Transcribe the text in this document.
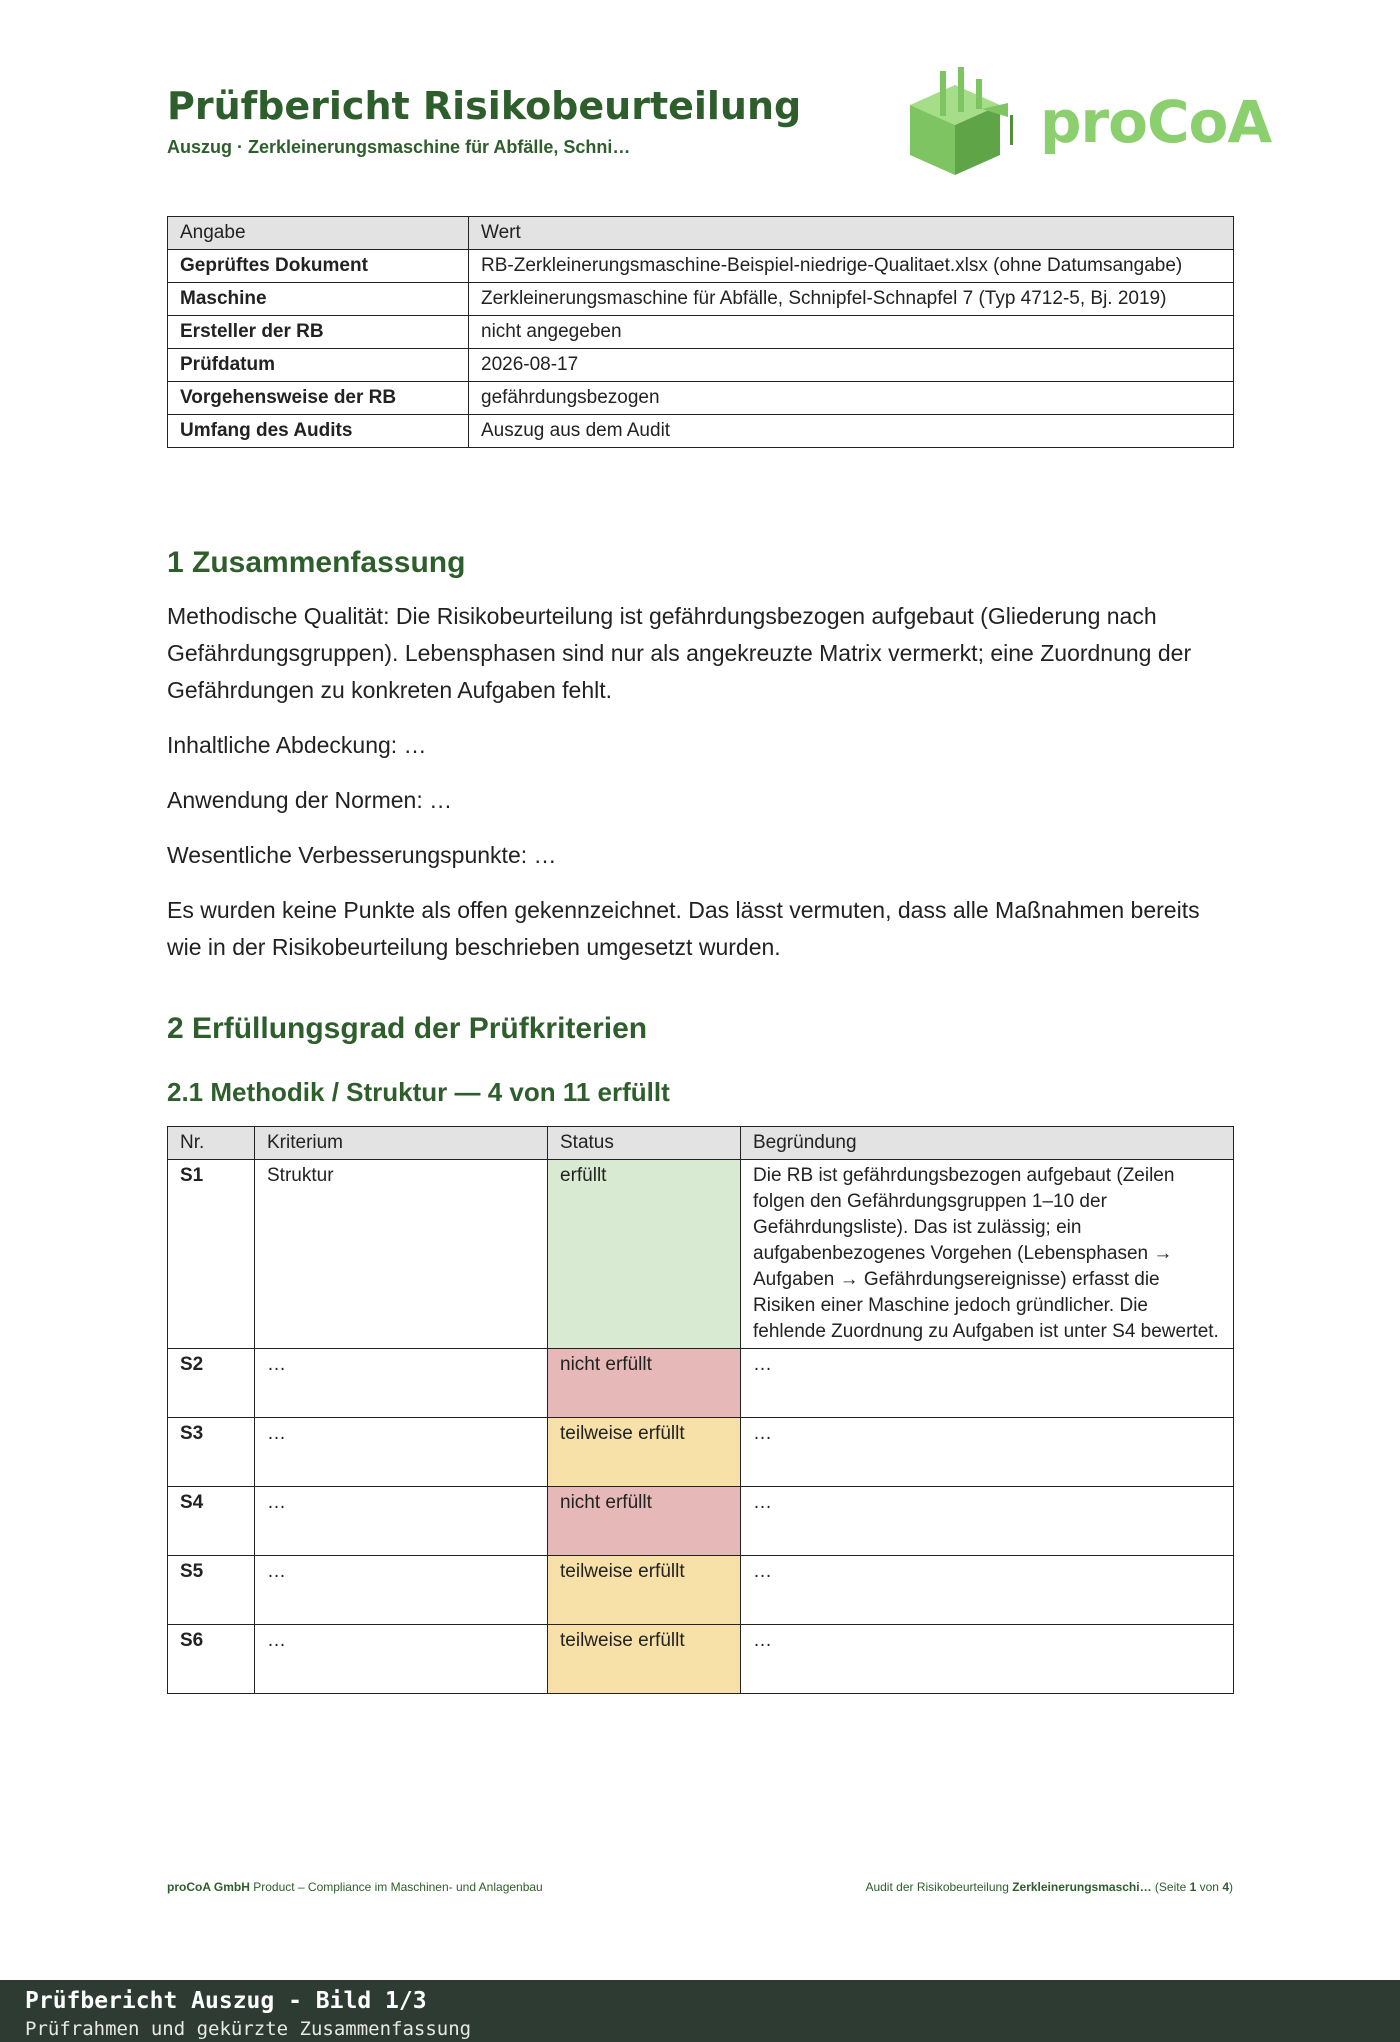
Prüfbericht Risikobeurteilung
Auszug · Zerkleinerungsmaschine für Abfälle, Schni…	proCoA
Angabe	Wert
Geprüftes Dokument	RB-Zerkleinerungsmaschine-Beispiel-niedrige-Qualitaet.xlsx (ohne Datumsangabe)
Maschine	Zerkleinerungsmaschine für Abfälle, Schnipfel-Schnapfel 7 (Typ 4712-5, Bj. 2019)
Ersteller der RB	nicht angegeben
Prüfdatum	2026-08-17
Vorgehensweise der RB	gefährdungsbezogen
Umfang des Audits	Auszug aus dem Audit
1 Zusammenfassung
Methodische Qualität: Die Risikobeurteilung ist gefährdungsbezogen aufgebaut (Gliederung nach Gefährdungsgruppen). Lebensphasen sind nur als angekreuzte Matrix vermerkt; eine Zuordnung der Gefährdungen zu konkreten Aufgaben fehlt.
Inhaltliche Abdeckung: …
Anwendung der Normen: …
Wesentliche Verbesserungspunkte: …
Es wurden keine Punkte als offen gekennzeichnet. Das lässt vermuten, dass alle Maßnahmen bereits wie in der Risikobeurteilung beschrieben umgesetzt wurden.
2 Erfüllungsgrad der Prüfkriterien
2.1 Methodik / Struktur — 4 von 11 erfüllt
Nr.	Kriterium	Status	Begründung
S1	Struktur	erfüllt	Die RB ist gefährdungsbezogen aufgebaut (Zeilen folgen den Gefährdungsgruppen 1–10 der Gefährdungsliste). Das ist zulässig; ein aufgabenbezogenes Vorgehen (Lebensphasen → Aufgaben → Gefährdungsereignisse) erfasst die Risiken einer Maschine jedoch gründlicher. Die fehlende Zuordnung zu Aufgaben ist unter S4 bewertet.
S2	…	nicht erfüllt	…
S3	…	teilweise erfüllt	…
S4	…	nicht erfüllt	…
S5	…	teilweise erfüllt	…
S6	…	teilweise erfüllt	…
proCoA GmbH Product – Compliance im Maschinen- und Anlagenbau	Audit der Risikobeurteilung Zerkleinerungsmaschi… (Seite 1 von 4)
Prüfbericht Auszug - Bild 1/3
Prüfrahmen und gekürzte Zusammenfassung
